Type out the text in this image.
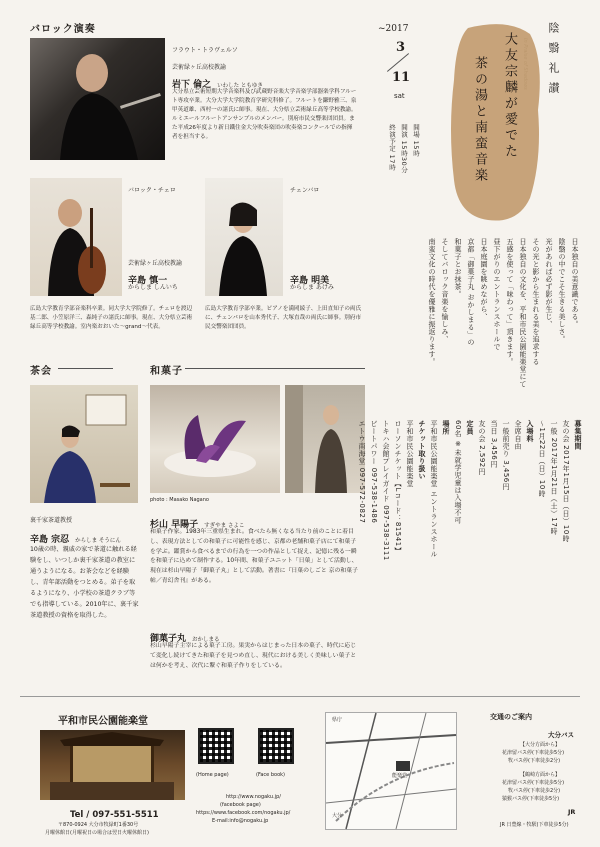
バロック演奏
フラウト・トラヴェルソ
芸術緑ヶ丘高校教諭
岩下 倫之 いわした ともゆき
大分県立芸術短期大学音楽科及び武蔵野音楽大学音楽学部器楽学科フルート専攻卒業。大分大学大学院教育学研究科修了。フルートを鎌野雅三、泉甲英道雄、西村一の諸氏に師事。現在、大分県立芸術緑丘高等学校教諭。ルミエールフルートアンサンブルのメンバー。別府市民交響楽団団員。また平成26年度より新日鐵住金大分吹奏楽団の吹奏楽コンクールでの指揮者を担当する。
バロック・チェロ
芸術緑ヶ丘高校教諭
辛島 慎一
からしま しんいち
チェンバロ
辛島 明美
からしま あけみ
広島大学教育学部音楽科卒業。同大学大学院修了。チェロを渡辺基二郎、小笠原洋三、森純子の諸氏に師事。現在、大分県立芸術緑丘高等学校教諭。室内楽おおいた〜grand〜代表。
広島大学教育学部卒業。ピアノを満岡綾子、上田直知子の両氏に、チェンバロを山本秀代子、大塚直哉の両氏に師事。別府市民交響楽団団員。
茶会
裏千家茶道教授
辛島 宗忍 からしま そうにん
10歳の時、親戚の家で茶道に触れる経験をし、いつしか裏千家茶道の教室に通うようになる。お茶会などを経験し、青年部活動をつとめる。弟子を取るようになり、小学校の茶道クラブ等でも指導している。2010年に、裏千家茶道教授の資格を取得した。
和菓子
photo : Masako Nagano
杉山 早陽子 すぎやま さよこ
和菓子作家。1983年三重県生まれ。食べたら無くなる当たり前のことに着目し、表現方法としての和菓子に可能性を感じ、京都の老舗和菓子店にて和菓子を学ぶ。鑑賞から食べるまでの行為を一つの作品として捉え、記憶に残る一瞬を和菓子に込めて制作する。10年間、和菓子ユニット「日菓」として活動し、現在は杉山早陽子「御菓子丸」として活動。著書に『日菓のしごと 京の和菓子帖／青幻舎刊』がある。
御菓子丸 おかしまる
杉山早陽子主宰による菓子工房。果実からはじまった日本の菓子、時代に応じて変化し続けてきた和菓子を見つめ直し、現代における美しく美味しい菓子とは何かを考え、次代に繋ぐ和菓子作りをしている。
陰翳礼讃
大友宗麟が愛でた
茶の湯と南蛮音楽
~2017
3
11
sat
開場 15時
開演 15時30分
終演予定 17時
日本独自の美意識である。
陰翳の中でこそ生きる美しさ。
光があれば必ず影が生じ、
その光と影から生まれる美を追求する
日本独自の文化を、平和市民公園能楽堂にて
五感を使って「味わって」頂きます。
昼下がりのエントランスホールで
日本庭園を眺めながら、
京都「御菓子丸 おかしまる」の
和菓子とお抹茶。
そしてバロック音楽を愉しみ、
南蛮文化の時代を優雅に振返ります。
募集期間
友の会 2017年1月15日（日）10時
一般 2017年1月21日（土）17時
〜1月22日（日）10時
入場料
全席自由
一般前売り 3,456円
当日 3,456円
友の会 2,592円
定員
60名 ※未就学児童は入場不可
場所
平和市民公園能楽堂 エントランスホール
チケット取り扱い
平和市民公園能楽堂
ローソンチケット【Lコード：81541】
トキハ会館プレイガイド 097-538-3111
ビートパワー 097-538-1486
エトウ南海堂 097-572-0827
平和市民公園能楽堂
Tel / 097-551-5511
〒870-0924 大分市牧緑町1番30号
月曜休館日(月曜祝日の場合は翌日火曜休館日)
(Home page)	(Face book)
http://www.nogaku.jp/
(facebook page)
https://www.facebook.com/nogaku.jp/
E-mail:info@nogaku.jp
県庁
大分
能楽堂
交通のご案内
大分バス
【大分方面から】
花津留バス停(下車徒歩5分)
牧バス停(下車徒歩2分)
【鶴崎方面から】
花津留バス停(下車徒歩5分)
牧バス停(下車徒歩2分)
猿猴バス停(下車徒歩5分)
JR
JR 日豊線・牧駅(下車徒歩5分)
